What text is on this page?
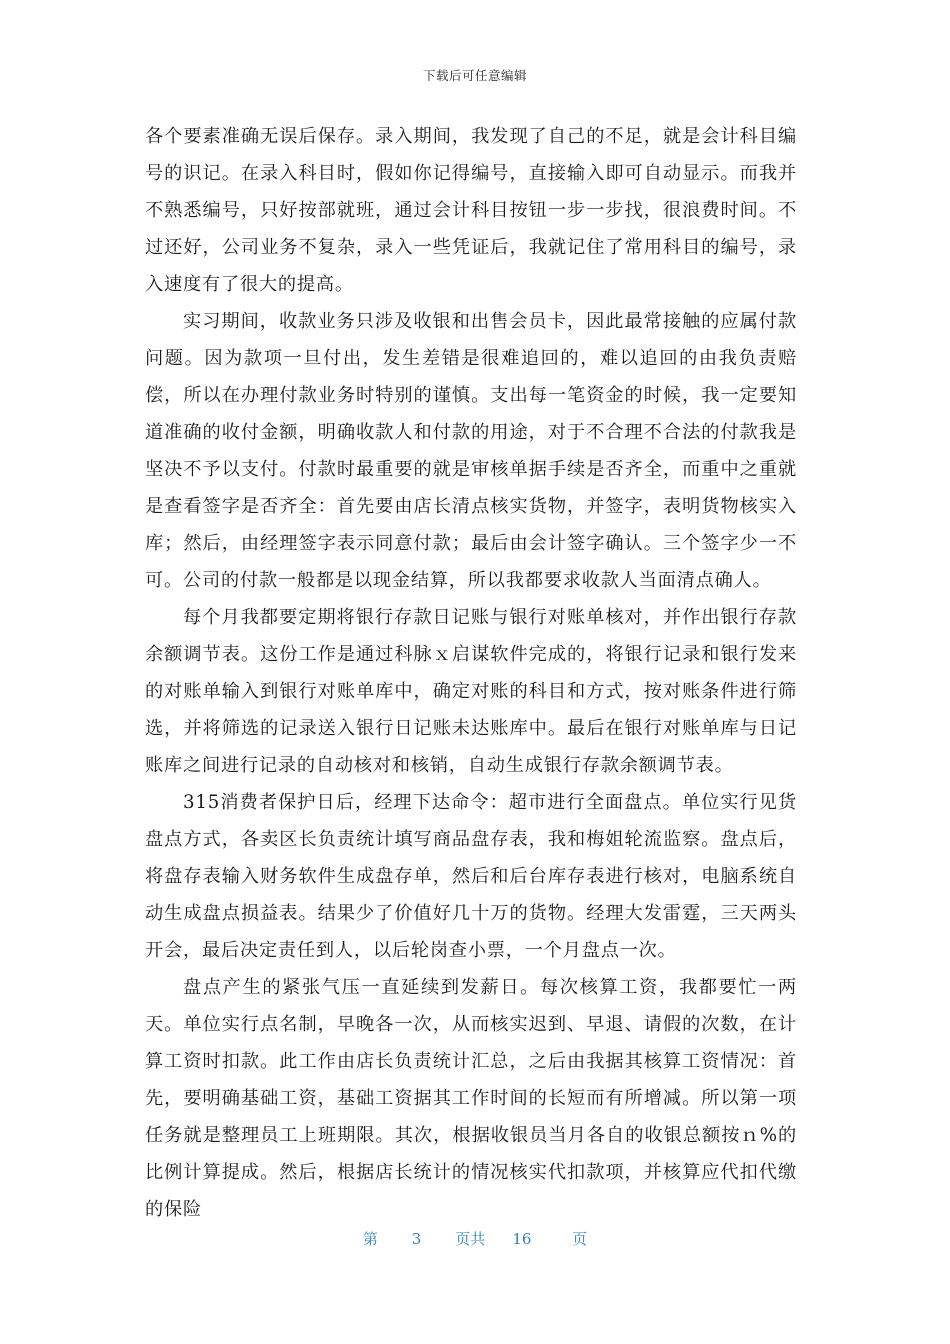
下载后可任意编辑

各个要素准确无误后保存。录入期间，我发现了自己的不足，就是会计科目编号的识记。在录入科目时，假如你记得编号，直接输入即可自动显示。而我并不熟悉编号，只好按部就班，通过会计科目按钮一步一步找，很浪费时间。不过还好，公司业务不复杂，录入一些凭证后，我就记住了常用科目的编号，录入速度有了很大的提高。

实习期间，收款业务只涉及收银和出售会员卡，因此最常接触的应属付款问题。因为款项一旦付出，发生差错是很难追回的，难以追回的由我负责赔偿，所以在办理付款业务时特别的谨慎。支出每一笔资金的时候，我一定要知道准确的收付金额，明确收款人和付款的用途，对于不合理不合法的付款我是坚决不予以支付。付款时最重要的就是审核单据手续是否齐全，而重中之重就是查看签字是否齐全：首先要由店长清点核实货物，并签字，表明货物核实入库；然后，由经理签字表示同意付款；最后由会计签字确认。三个签字少一不可。公司的付款一般都是以现金结算，所以我都要求收款人当面清点确人。

每个月我都要定期将银行存款日记账与银行对账单核对，并作出银行存款余额调节表。这份工作是通过科脉ｘ启谋软件完成的，将银行记录和银行发来的对账单输入到银行对账单库中，确定对账的科目和方式，按对账条件进行筛选，并将筛选的记录送入银行日记账未达账库中。最后在银行对账单库与日记账库之间进行记录的自动核对和核销，自动生成银行存款余额调节表。

315消费者保护日后，经理下达命令：超市进行全面盘点。单位实行见货盘点方式，各卖区长负责统计填写商品盘存表，我和梅姐轮流监察。盘点后，将盘存表输入财务软件生成盘存单，然后和后台库存表进行核对，电脑系统自动生成盘点损益表。结果少了价值好几十万的货物。经理大发雷霆，三天两头开会，最后决定责任到人，以后轮岗查小票，一个月盘点一次。

盘点产生的紧张气压一直延续到发薪日。每次核算工资，我都要忙一两天。单位实行点名制，早晚各一次，从而核实迟到、早退、请假的次数，在计算工资时扣款。此工作由店长负责统计汇总，之后由我据其核算工资情况：首先，要明确基础工资，基础工资据其工作时间的长短而有所增减。所以第一项任务就是整理员工上班期限。其次，根据收银员当月各自的收银总额按ｎ%的比例计算提成。然后，根据店长统计的情况核实代扣款项，并核算应代扣代缴的保险

第 3 页共 16	页
